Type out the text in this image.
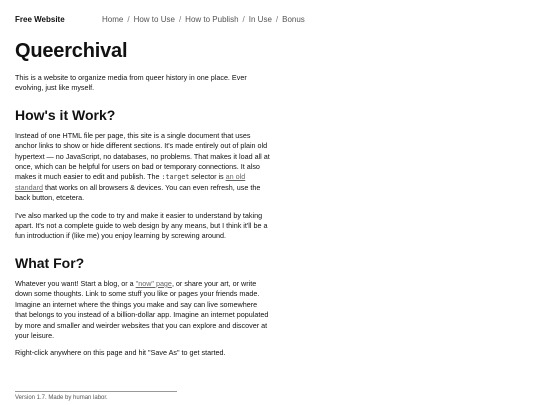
Free Website	Home / How to Use / How to Publish / In Use / Bonus
Queerchival

This is a website to organize media from queer history in one place. Ever evolving, just like myself.

How's it Work?

Instead of one HTML file per page, this site is a single document that uses anchor links to show or hide different sections. It's made entirely out of plain old hypertext — no JavaScript, no databases, no problems. That makes it load all at once, which can be helpful for users on bad or temporary connections. It also makes it much easier to edit and publish. The :target selector is an old standard that works on all browsers & devices. You can even refresh, use the back button, etcetera.

I've also marked up the code to try and make it easier to understand by taking apart. It's not a complete guide to web design by any means, but I think it'll be a fun introduction if (like me) you enjoy learning by screwing around.

What For?

Whatever you want! Start a blog, or a "now" page, or share your art, or write down some thoughts. Link to some stuff you like or pages your friends made. Imagine an internet where the things you make and say can live somewhere that belongs to you instead of a billion-dollar app. Imagine an internet populated by more and smaller and weirder websites that you can explore and discover at your leisure.

Right-click anywhere on this page and hit "Save As" to get started.

Version 1.7. Made by human labor.
